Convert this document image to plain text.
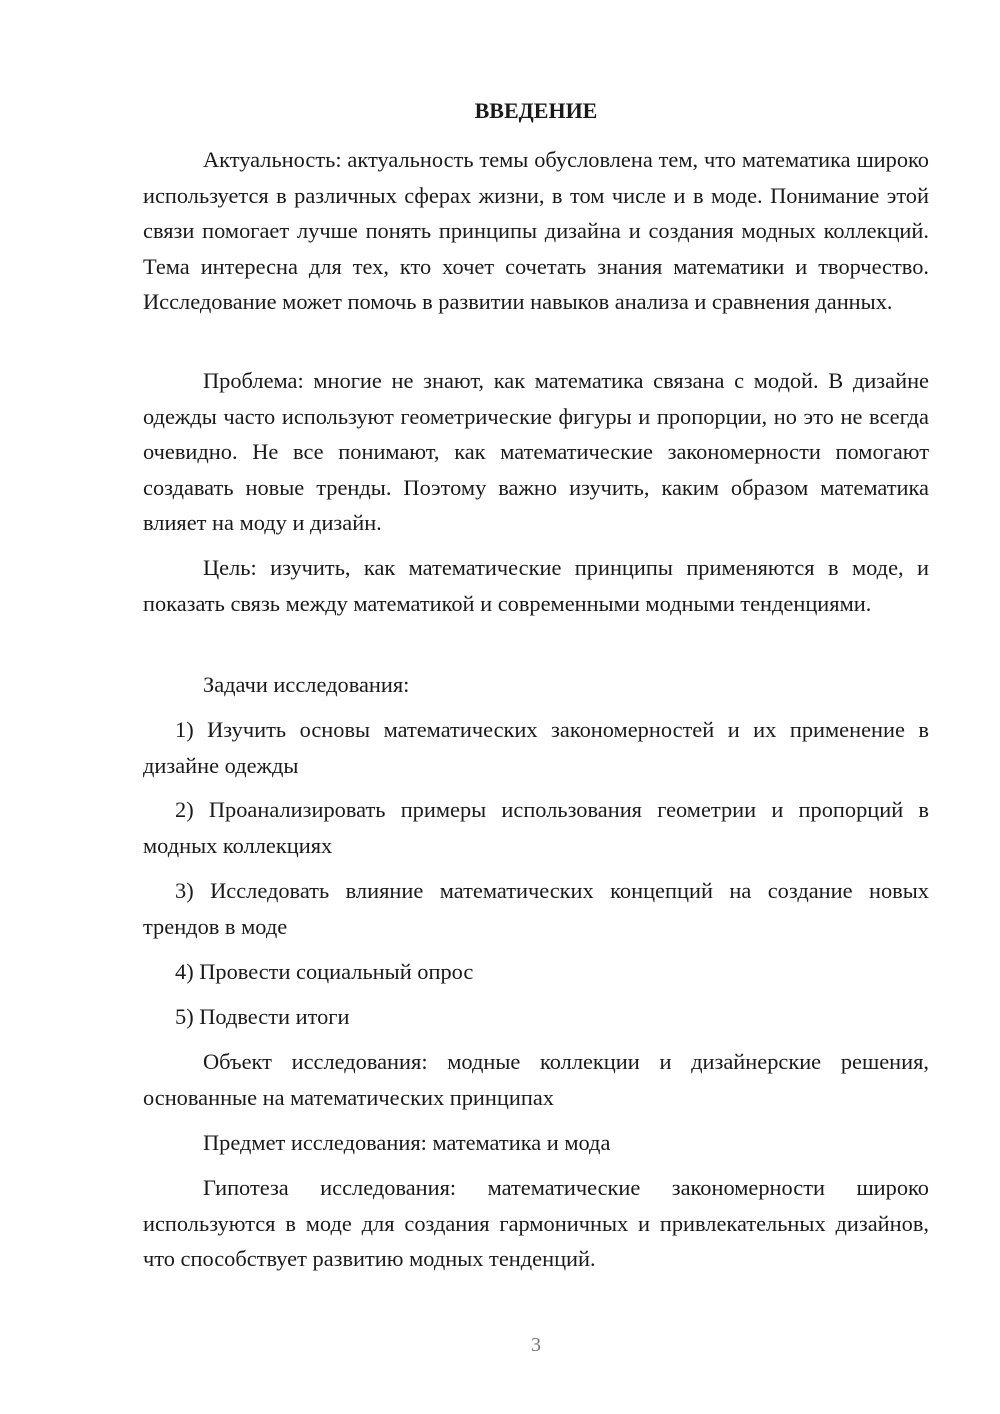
ВВЕДЕНИЕ

Актуальность: актуальность темы обусловлена тем, что математика широко используется в различных сферах жизни, в том числе и в моде. Понимание этой связи помогает лучше понять принципы дизайна и создания модных коллекций. Тема интересна для тех, кто хочет сочетать знания математики и творчество. Исследование может помочь в развитии навыков анализа и сравнения данных.

Проблема: многие не знают, как математика связана с модой. В дизайне одежды часто используют геометрические фигуры и пропорции, но это не всегда очевидно. Не все понимают, как математические закономерности помогают создавать новые тренды. Поэтому важно изучить, каким образом математика влияет на моду и дизайн.

Цель: изучить, как математические принципы применяются в моде, и показать связь между математикой и современными модными тенденциями.

Задачи исследования:

1) Изучить основы математических закономерностей и их применение в дизайне одежды

2) Проанализировать примеры использования геометрии и пропорций в модных коллекциях

3) Исследовать влияние математических концепций на создание новых трендов в моде

4) Провести социальный опрос

5) Подвести итоги

Объект исследования: модные коллекции и дизайнерские решения, основанные на математических принципах

Предмет исследования: математика и мода

Гипотеза исследования: математические закономерности широко используются в моде для создания гармоничных и привлекательных дизайнов, что способствует развитию модных тенденций.

3
